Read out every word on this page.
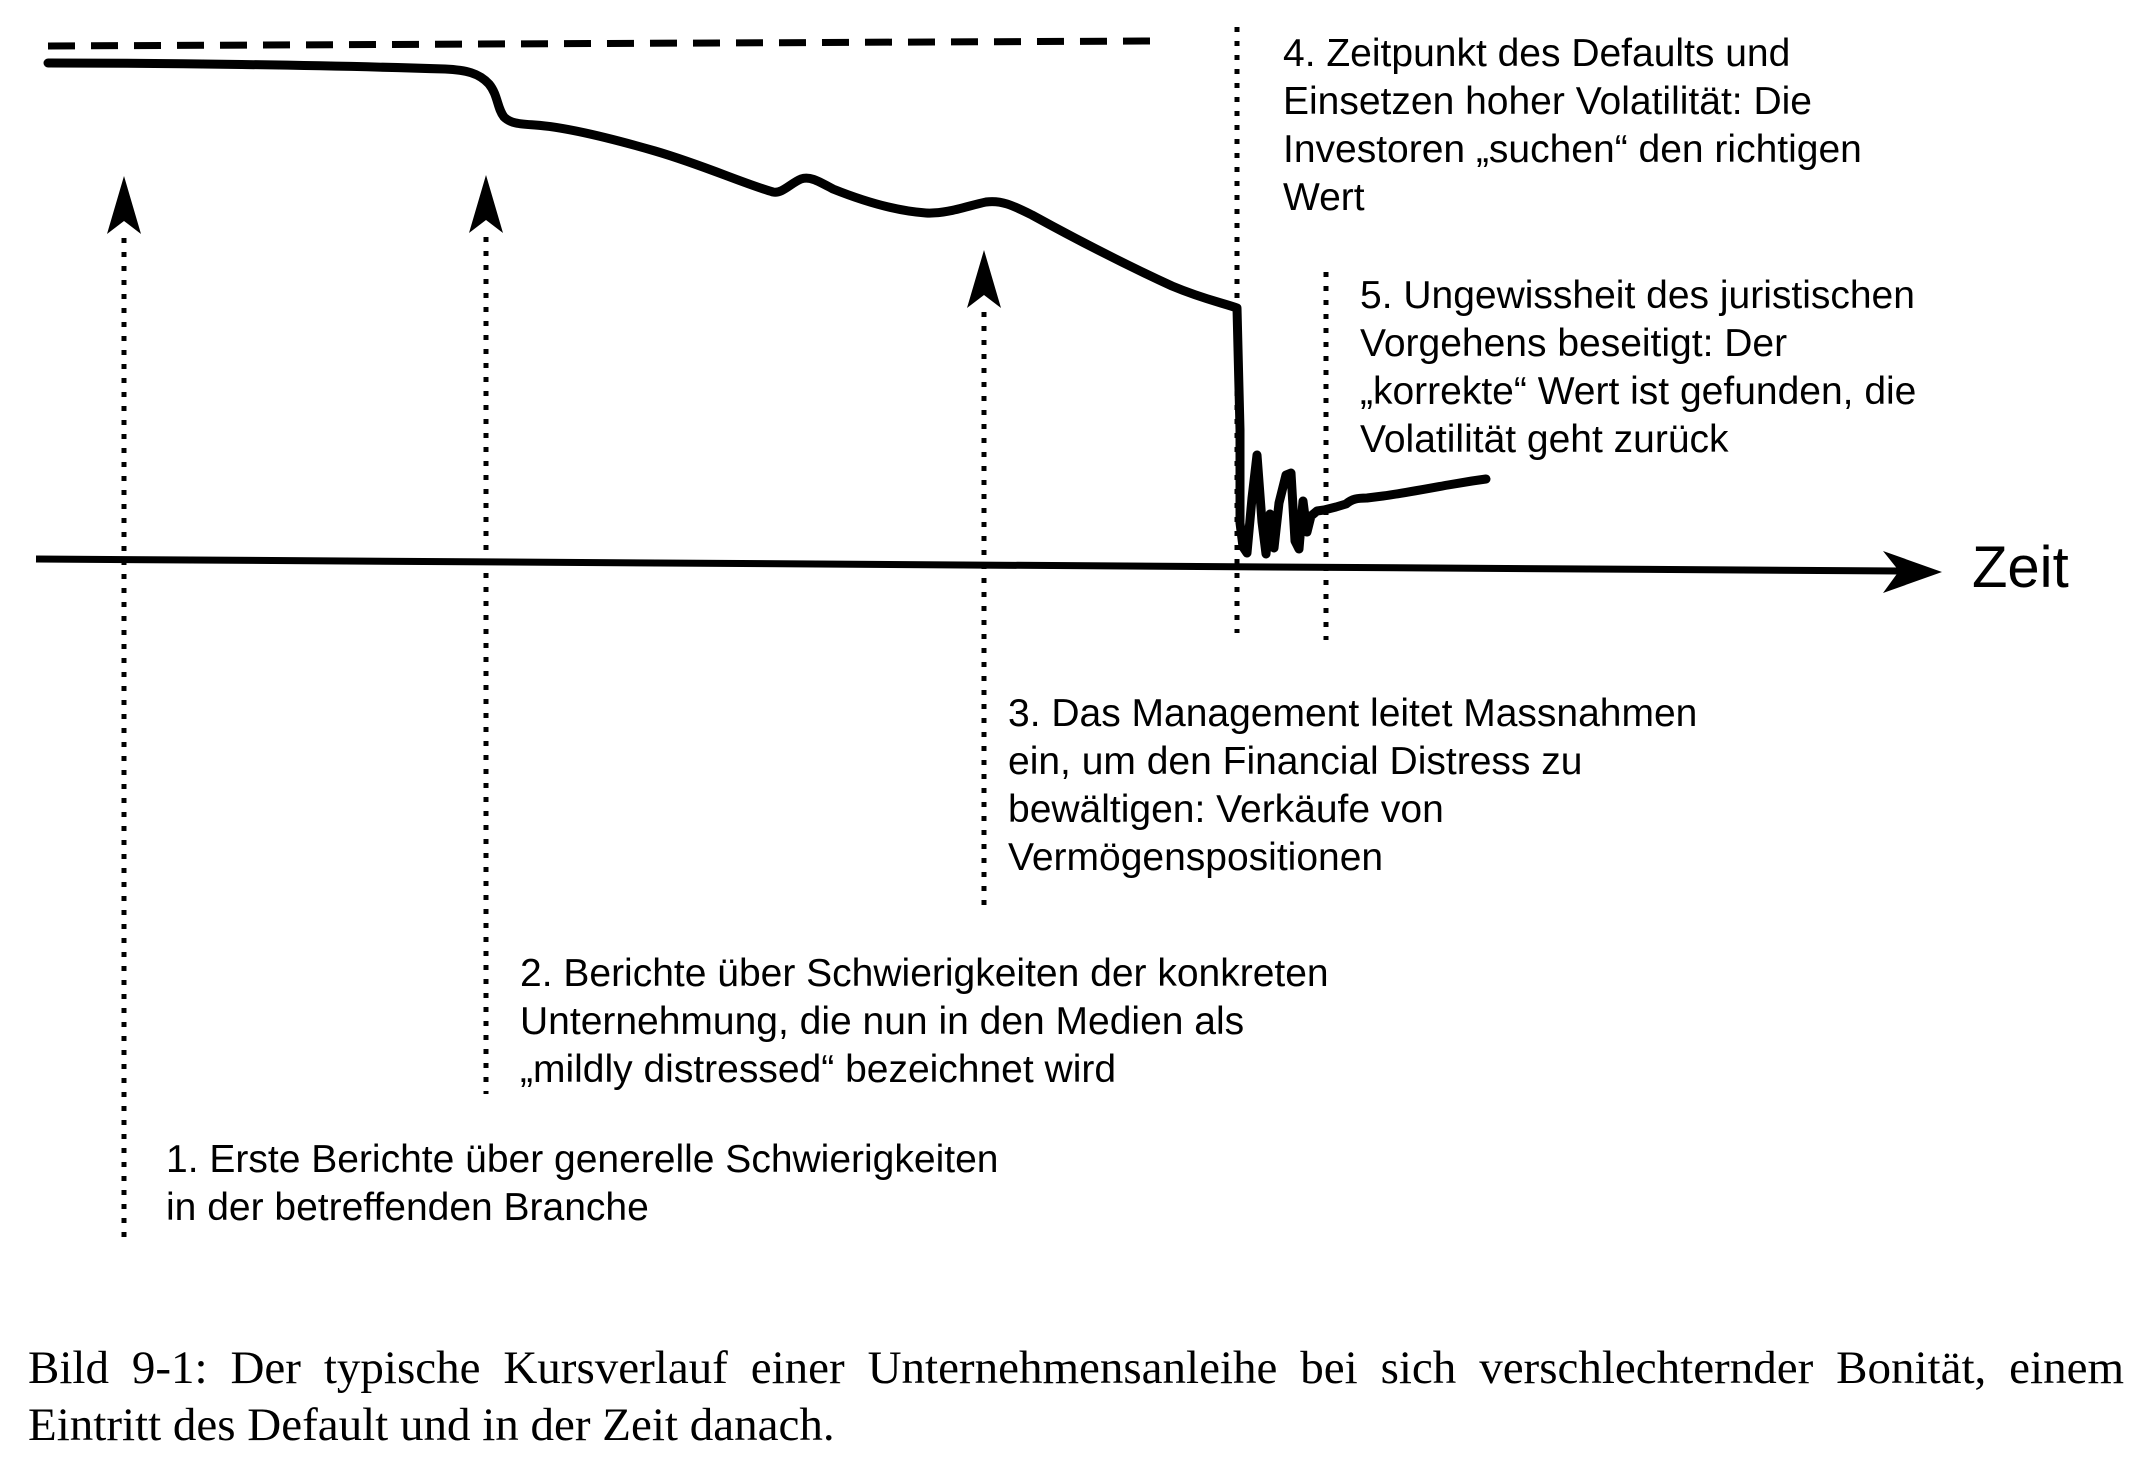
4. Zeitpunkt des Defaults und
Einsetzen hoher Volatilität: Die
Investoren „suchen“ den richtigen
Wert
5. Ungewissheit des juristischen
Vorgehens beseitigt: Der
„korrekte“ Wert ist gefunden, die
Volatilität geht zurück
3. Das Management leitet Massnahmen
ein, um den Financial Distress zu
bewältigen: Verkäufe von
Vermögenspositionen
2. Berichte über Schwierigkeiten der konkreten
Unternehmung, die nun in den Medien als
„mildly distressed“ bezeichnet wird
1. Erste Berichte über generelle Schwierigkeiten
in der betreffenden Branche
Zeit
Bild 9-1: Der typische Kursverlauf einer Unternehmensanleihe bei sich verschlechternder Bonität, einem
Eintritt des Default und in der Zeit danach.
